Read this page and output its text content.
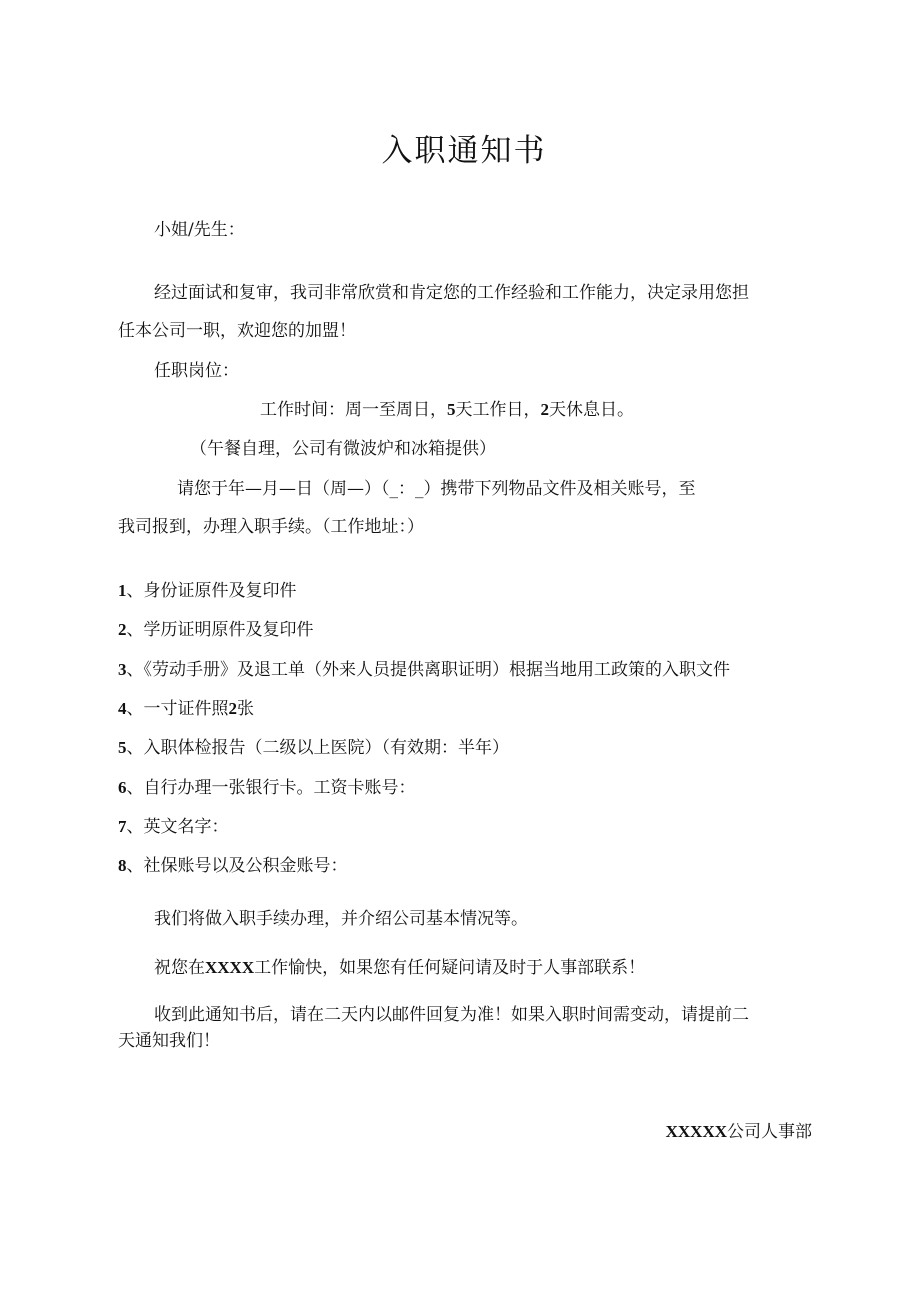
入职通知书
小姐/先生：
经过面试和复审，我司非常欣赏和肯定您的工作经验和工作能力，决定录用您担
任本公司一职，欢迎您的加盟！
任职岗位：
工作时间：周一至周日，5天工作日，2天休息日。
（午餐自理，公司有微波炉和冰箱提供）
请您于年—月—日（周—）（_：_）携带下列物品文件及相关账号，至
我司报到，办理入职手续。（工作地址：）
1、身份证原件及复印件
2、学历证明原件及复印件
3、《劳动手册》及退工单（外来人员提供离职证明）根据当地用工政策的入职文件
4、一寸证件照2张
5、入职体检报告（二级以上医院）（有效期：半年）
6、自行办理一张银行卡。工资卡账号：
7、英文名字：
8、社保账号以及公积金账号：
我们将做入职手续办理，并介绍公司基本情况等。
祝您在XXXX工作愉快，如果您有任何疑问请及时于人事部联系！
收到此通知书后，请在二天内以邮件回复为准！如果入职时间需变动，请提前二
天通知我们！
XXXXX公司人事部
